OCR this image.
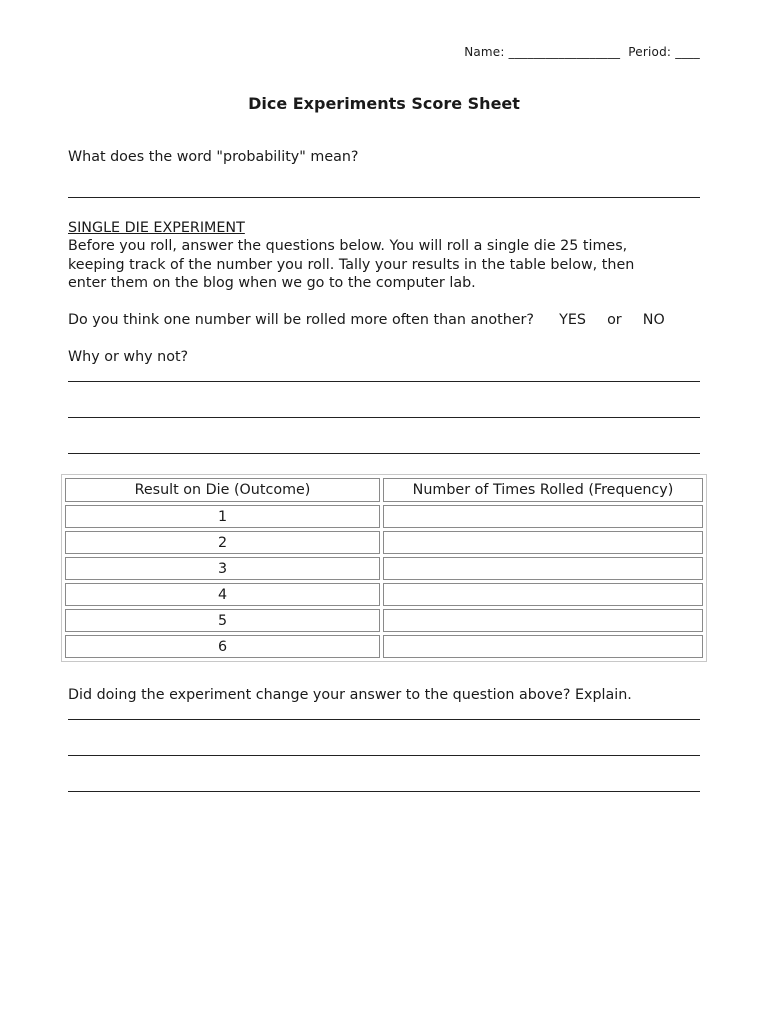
Name: __________________ Period: ____
Dice Experiments Score Sheet
What does the word "probability" mean?
SINGLE DIE EXPERIMENT
Before you roll, answer the questions below. You will roll a single die 25 times,
keeping track of the number you roll. Tally your results in the table below, then
enter them on the blog when we go to the computer lab.
Do you think one number will be rolled more often than another? YES or NO
Why or why not?
Result on Die (Outcome)	Number of Times Rolled (Frequency)
1	
2	
3	
4	
5	
6	
Did doing the experiment change your answer to the question above? Explain.
